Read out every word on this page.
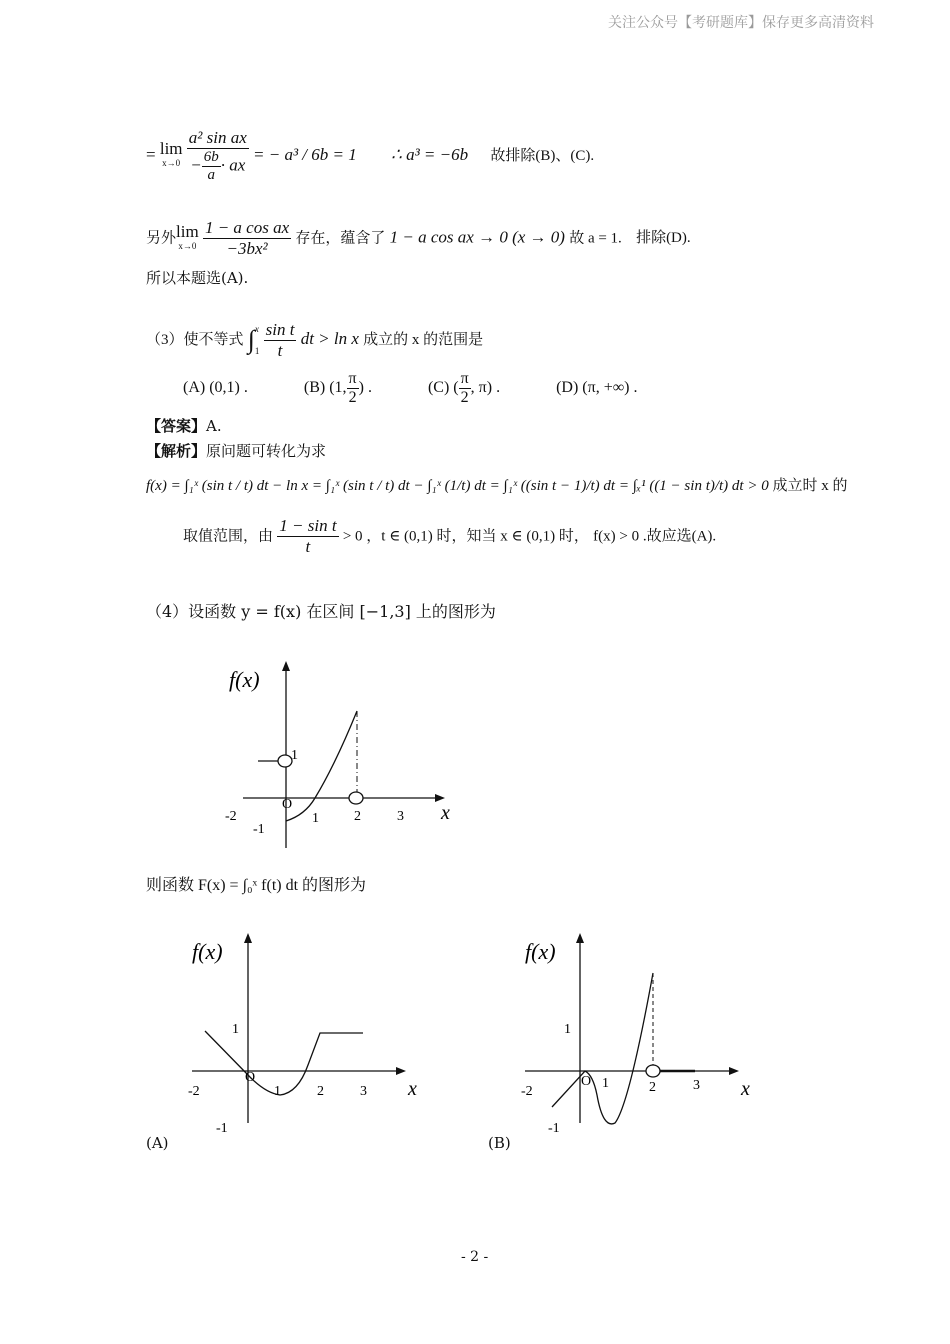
关注公众号【考研题库】保存更多高清资料
= lim
x→0
$\frac{\text{a² sin ax}}{- \frac{6b}{a} \cdot ax}$ = − a³ / 6b = 1 ∴ a³ = −6b 故排除(B)、(C).
另外lim
x→0
$\frac{\text{1 − a cos ax}}{\text{−3bx²}}$ 存在，蕴含了 1 − a cos ax → 0 (x → 0) 故 a = 1. 排除(D).
所以本题选(A).
（3）使不等式 ∫ x
1
$\frac{\text{sin t}}{t}$ dt > ln x 成立的 x 的范围是
(A) (0,1) .	(B) (1, $\frac{\pi}{2}$ ) .	(C) ( $\frac{\pi}{2}$ , π) .	(D) (π, +∞) .
【答案】A.
【解析】原问题可转化为求
f(x) = ∫₁ˣ (sin t / t) dt − ln x = ∫₁ˣ (sin t / t) dt − ∫₁ˣ (1/t) dt = ∫₁ˣ ((sin t − 1)/t) dt = ∫ₓ¹ ((1 − sin t)/t) dt > 0 成立时 x 的
取值范围，由 $\frac{\text{1 − sin t}}{t} > 0$ ，t ∈ (0,1) 时，知当 x ∈ (0,1) 时， f(x) > 0 .故应选(A).
（4）设函数 y = f(x) 在区间 [−1,3] 上的图形为
f(x)
x
-2
O
1	2	3
1
-1
则函数 F(x) = ∫₀ˣ f(t) dt 的图形为
f(x)
x
-2
O
1	2	3
1
-1
(A)
f(x)
x
-2
O 1	2	3
1
-1
(B)
- 2 -
